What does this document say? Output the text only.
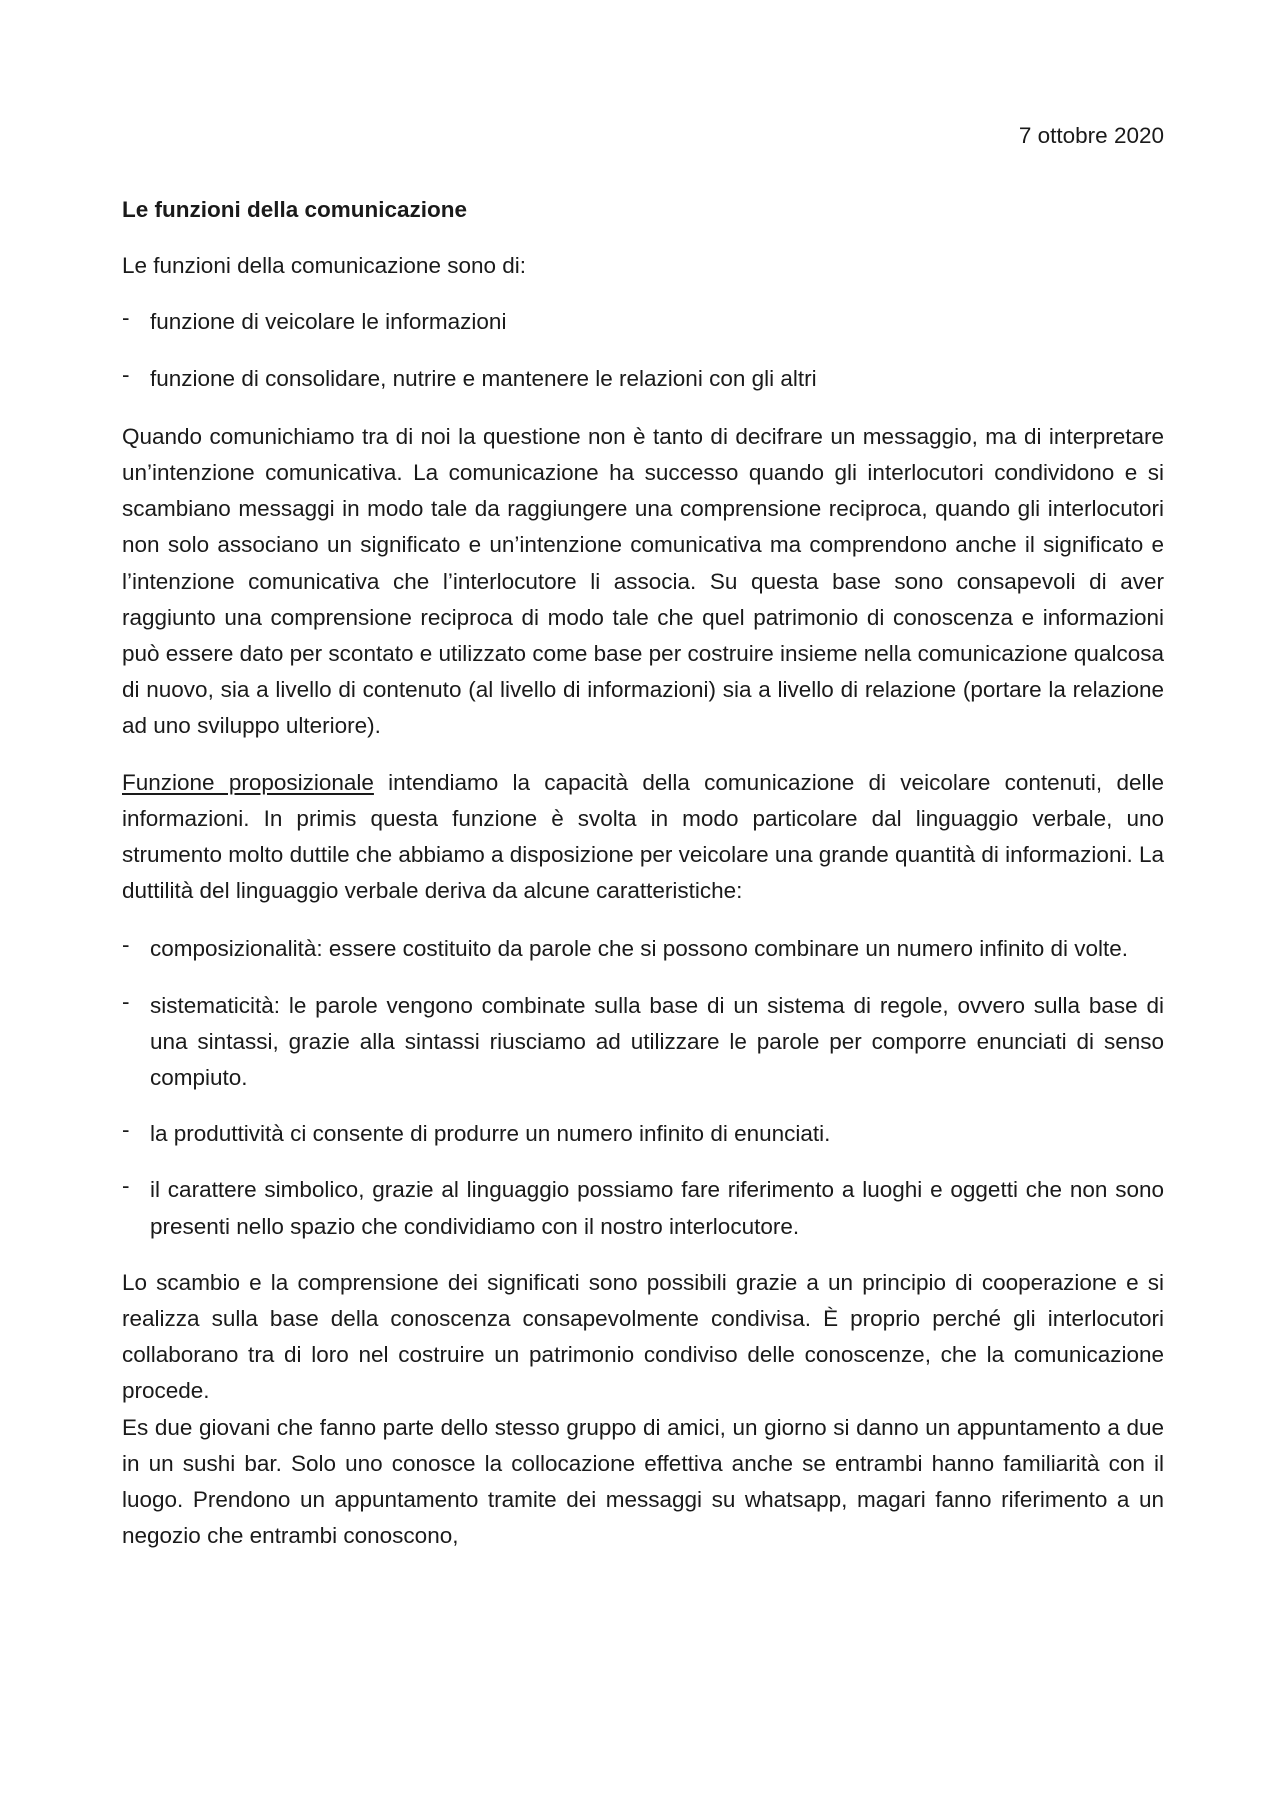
7 ottobre 2020

Le funzioni della comunicazione

Le funzioni della comunicazione sono di:

- funzione di veicolare le informazioni
- funzione di consolidare, nutrire e mantenere le relazioni con gli altri

Quando comunichiamo tra di noi la questione non è tanto di decifrare un messaggio, ma di interpretare un’intenzione comunicativa. La comunicazione ha successo quando gli interlocutori condividono e si scambiano messaggi in modo tale da raggiungere una comprensione reciproca, quando gli interlocutori non solo associano un significato e un’intenzione comunicativa ma comprendono anche il significato e l’intenzione comunicativa che l’interlocutore li associa. Su questa base sono consapevoli di aver raggiunto una comprensione reciproca di modo tale che quel patrimonio di conoscenza e informazioni può essere dato per scontato e utilizzato come base per costruire insieme nella comunicazione qualcosa di nuovo, sia a livello di contenuto (al livello di informazioni) sia a livello di relazione (portare la relazione ad uno sviluppo ulteriore).

Funzione proposizionale intendiamo la capacità della comunicazione di veicolare contenuti, delle informazioni. In primis questa funzione è svolta in modo particolare dal linguaggio verbale, uno strumento molto duttile che abbiamo a disposizione per veicolare una grande quantità di informazioni. La duttilità del linguaggio verbale deriva da alcune caratteristiche:

- composizionalità: essere costituito da parole che si possono combinare un numero infinito di volte.
- sistematicità: le parole vengono combinate sulla base di un sistema di regole, ovvero sulla base di una sintassi, grazie alla sintassi riusciamo ad utilizzare le parole per comporre enunciati di senso compiuto.
- la produttività ci consente di produrre un numero infinito di enunciati.
- il carattere simbolico, grazie al linguaggio possiamo fare riferimento a luoghi e oggetti che non sono presenti nello spazio che condividiamo con il nostro interlocutore.

Lo scambio e la comprensione dei significati sono possibili grazie a un principio di cooperazione e si realizza sulla base della conoscenza consapevolmente condivisa. È proprio perché gli interlocutori collaborano tra di loro nel costruire un patrimonio condiviso delle conoscenze, che la comunicazione procede.

Es due giovani che fanno parte dello stesso gruppo di amici, un giorno si danno un appuntamento a due in un sushi bar. Solo uno conosce la collocazione effettiva anche se entrambi hanno familiarità con il luogo. Prendono un appuntamento tramite dei messaggi su whatsapp, magari fanno riferimento a un negozio che entrambi conoscono,
